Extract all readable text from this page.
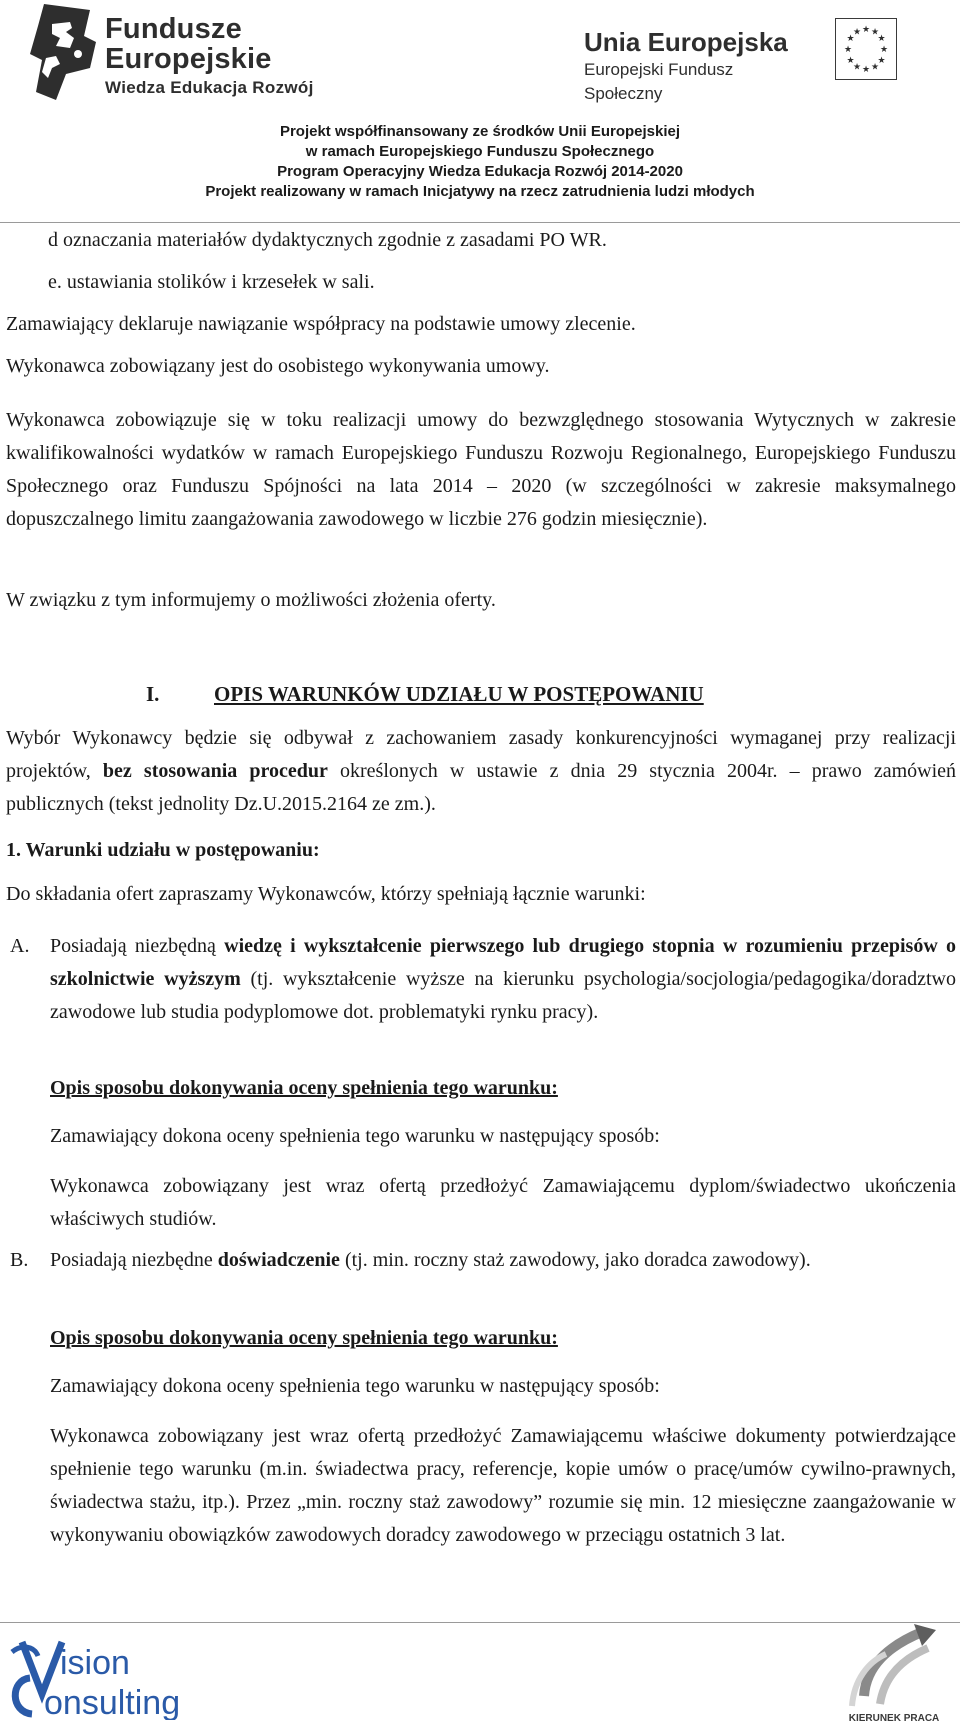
Fundusze
Europejskie
Wiedza Edukacja Rozwój
Unia Europejska
Europejski Fundusz Społeczny
★ ★
★
★
★
★
★
★
★
★
★
★
Projekt współfinansowany ze środków Unii Europejskiej
w ramach Europejskiego Funduszu Społecznego
Program Operacyjny Wiedza Edukacja Rozwój 2014-2020
Projekt realizowany w ramach Inicjatywy na rzecz zatrudnienia ludzi młodych

d oznaczania materiałów dydaktycznych zgodnie z zasadami PO WR.

e. ustawiania stolików i krzesełek w sali.

Zamawiający deklaruje nawiązanie współpracy na podstawie umowy zlecenie.

Wykonawca zobowiązany jest do osobistego wykonywania umowy.

Wykonawca zobowiązuje się w toku realizacji umowy do bezwzględnego stosowania Wytycznych w zakresie kwalifikowalności wydatków w ramach Europejskiego Funduszu Rozwoju Regionalnego, Europejskiego Funduszu Społecznego oraz Funduszu Spójności na lata 2014 – 2020 (w szczególności w zakresie maksymalnego dopuszczalnego limitu zaangażowania zawodowego w liczbie 276 godzin miesięcznie).

W związku z tym informujemy o możliwości złożenia oferty.

I.	OPIS WARUNKÓW UDZIAŁU W POSTĘPOWANIU

Wybór Wykonawcy będzie się odbywał z zachowaniem zasady konkurencyjności wymaganej przy realizacji projektów, bez stosowania procedur określonych w ustawie z dnia 29 stycznia 2004r. – prawo zamówień publicznych (tekst jednolity Dz.U.2015.2164 ze zm.).

1. Warunki udziału w postępowaniu:

Do składania ofert zapraszamy Wykonawców, którzy spełniają łącznie warunki:

A. Posiadają niezbędną wiedzę i wykształcenie pierwszego lub drugiego stopnia w rozumieniu przepisów o szkolnictwie wyższym (tj. wykształcenie wyższe na kierunku psychologia/socjologia/pedagogika/doradztwo zawodowe lub studia podyplomowe dot. problematyki rynku pracy).

Opis sposobu dokonywania oceny spełnienia tego warunku:

Zamawiający dokona oceny spełnienia tego warunku w następujący sposób:

Wykonawca zobowiązany jest wraz ofertą przedłożyć Zamawiającemu dyplom/świadectwo ukończenia właściwych studiów.

B. Posiadają niezbędne doświadczenie (tj. min. roczny staż zawodowy, jako doradca zawodowy).

Opis sposobu dokonywania oceny spełnienia tego warunku:

Zamawiający dokona oceny spełnienia tego warunku w następujący sposób:

Wykonawca zobowiązany jest wraz ofertą przedłożyć Zamawiającemu właściwe dokumenty potwierdzające spełnienie tego warunku (m.in. świadectwa pracy, referencje, kopie umów o pracę/umów cywilno-prawnych, świadectwa stażu, itp.). Przez „min. roczny staż zawodowy” rozumie się min. 12 miesięczne zaangażowanie w wykonywaniu obowiązków zawodowych doradcy zawodowego w przeciągu ostatnich 3 lat.

ision
onsulting	KIERUNEK PRACA
